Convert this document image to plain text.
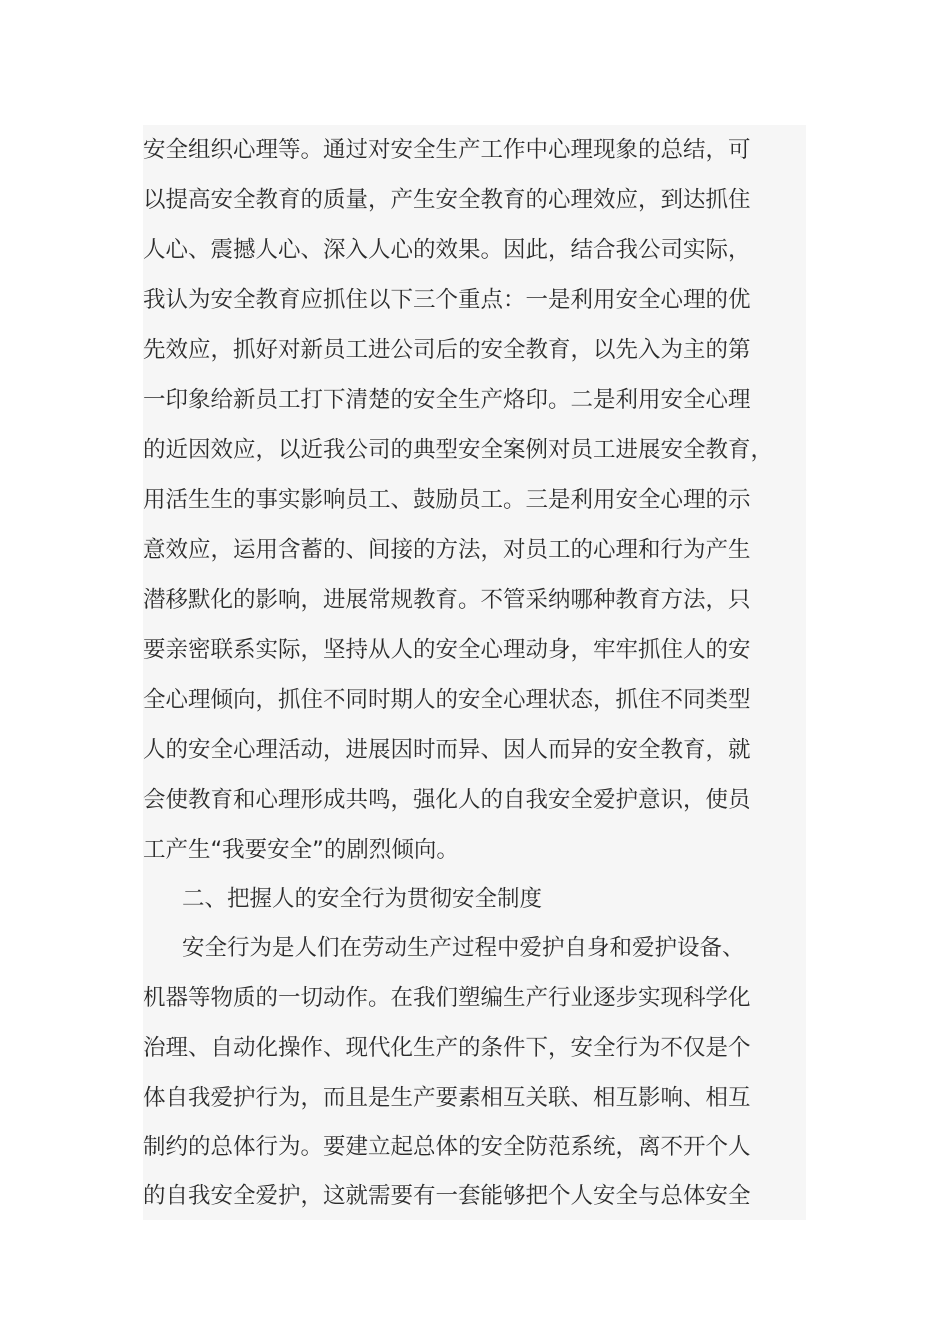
安全组织心理等。通过对安全生产工作中心理现象的总结，可
以提高安全教育的质量，产生安全教育的心理效应，到达抓住
人心、震撼人心、深入人心的效果。因此，结合我公司实际，
我认为安全教育应抓住以下三个重点：一是利用安全心理的优
先效应，抓好对新员工进公司后的安全教育，以先入为主的第
一印象给新员工打下清楚的安全生产烙印。二是利用安全心理
的近因效应，以近我公司的典型安全案例对员工进展安全教育，
用活生生的事实影响员工、鼓励员工。三是利用安全心理的示
意效应，运用含蓄的、间接的方法，对员工的心理和行为产生
潜移默化的影响，进展常规教育。不管采纳哪种教育方法，只
要亲密联系实际，坚持从人的安全心理动身，牢牢抓住人的安
全心理倾向，抓住不同时期人的安全心理状态，抓住不同类型
人的安全心理活动，进展因时而异、因人而异的安全教育，就
会使教育和心理形成共鸣，强化人的自我安全爱护意识，使员
工产生“我要安全”的剧烈倾向。
二、把握人的安全行为贯彻安全制度
安全行为是人们在劳动生产过程中爱护自身和爱护设备、
机器等物质的一切动作。在我们塑编生产行业逐步实现科学化
治理、自动化操作、现代化生产的条件下，安全行为不仅是个
体自我爱护行为，而且是生产要素相互关联、相互影响、相互
制约的总体行为。要建立起总体的安全防范系统，离不开个人
的自我安全爱护，这就需要有一套能够把个人安全与总体安全
